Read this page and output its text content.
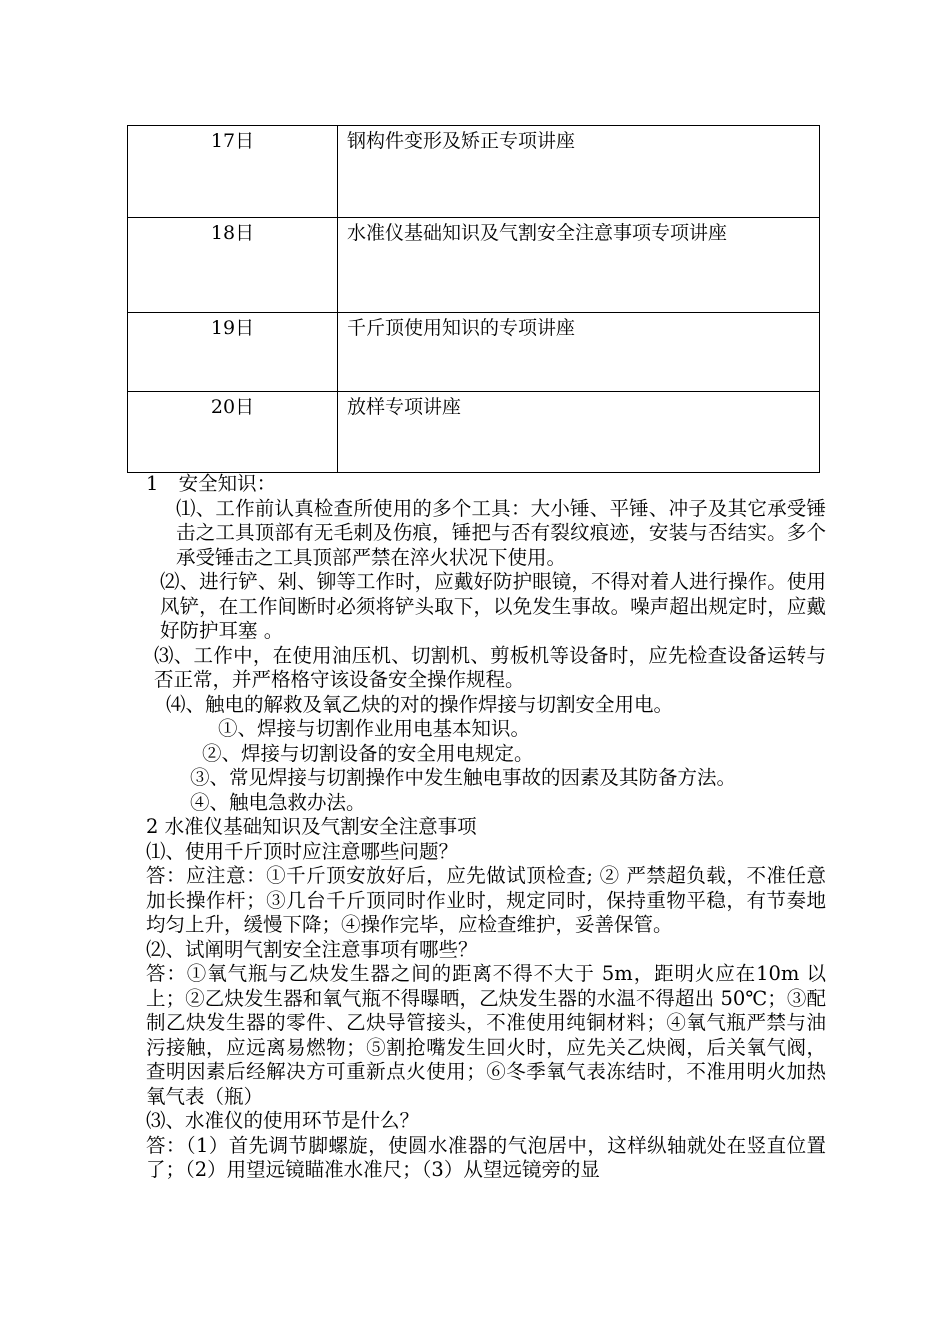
17日	钢构件变形及矫正专项讲座
18日	水准仪基础知识及气割安全注意事项专项讲座
19日	千斤顶使用知识的专项讲座
20日	放样专项讲座

1 安全知识：

⑴、工作前认真检查所使用的多个工具：大小锤、平锤、冲子及其它承受锤击之工具顶部有无毛刺及伤痕，锤把与否有裂纹痕迹，安装与否结实。多个承受锤击之工具顶部严禁在淬火状况下使用。

⑵、进行铲、剁、铆等工作时，应戴好防护眼镜，不得对着人进行操作。使用风铲，在工作间断时必须将铲头取下，以免发生事故。噪声超出规定时，应戴好防护耳塞 。

⑶、工作中，在使用油压机、切割机、剪板机等设备时，应先检查设备运转与否正常，并严格格守该设备安全操作规程。

⑷、触电的解救及氧乙炔的对的操作焊接与切割安全用电。

①、焊接与切割作业用电基本知识。

②、焊接与切割设备的安全用电规定。

③、常见焊接与切割操作中发生触电事故的因素及其防备方法。

④、触电急救办法。

2 水准仪基础知识及气割安全注意事项

⑴、使用千斤顶时应注意哪些问题？

答：应注意：①千斤顶安放好后，应先做试顶检查; ② 严禁超负载，不准任意加长操作杆；③几台千斤顶同时作业时，规定同时，保持重物平稳，有节奏地均匀上升，缓慢下降；④操作完毕，应检查维护，妥善保管。

⑵、试阐明气割安全注意事项有哪些？

答：①氧气瓶与乙炔发生器之间的距离不得不大于 5m，距明火应在10m 以上；②乙炔发生器和氧气瓶不得曝晒，乙炔发生器的水温不得超出 50℃；③配制乙炔发生器的零件、乙炔导管接头，不准使用纯铜材料；④氧气瓶严禁与油污接触，应远离易燃物；⑤割抢嘴发生回火时，应先关乙炔阀，后关氧气阀，查明因素后经解决方可重新点火使用；⑥冬季氧气表冻结时，不准用明火加热氧气表（瓶）

⑶、水准仪的使用环节是什么？

答：（1）首先调节脚螺旋，使圆水准器的气泡居中，这样纵轴就处在竖直位置了；（2）用望远镜瞄准水准尺；（3）从望远镜旁的显
